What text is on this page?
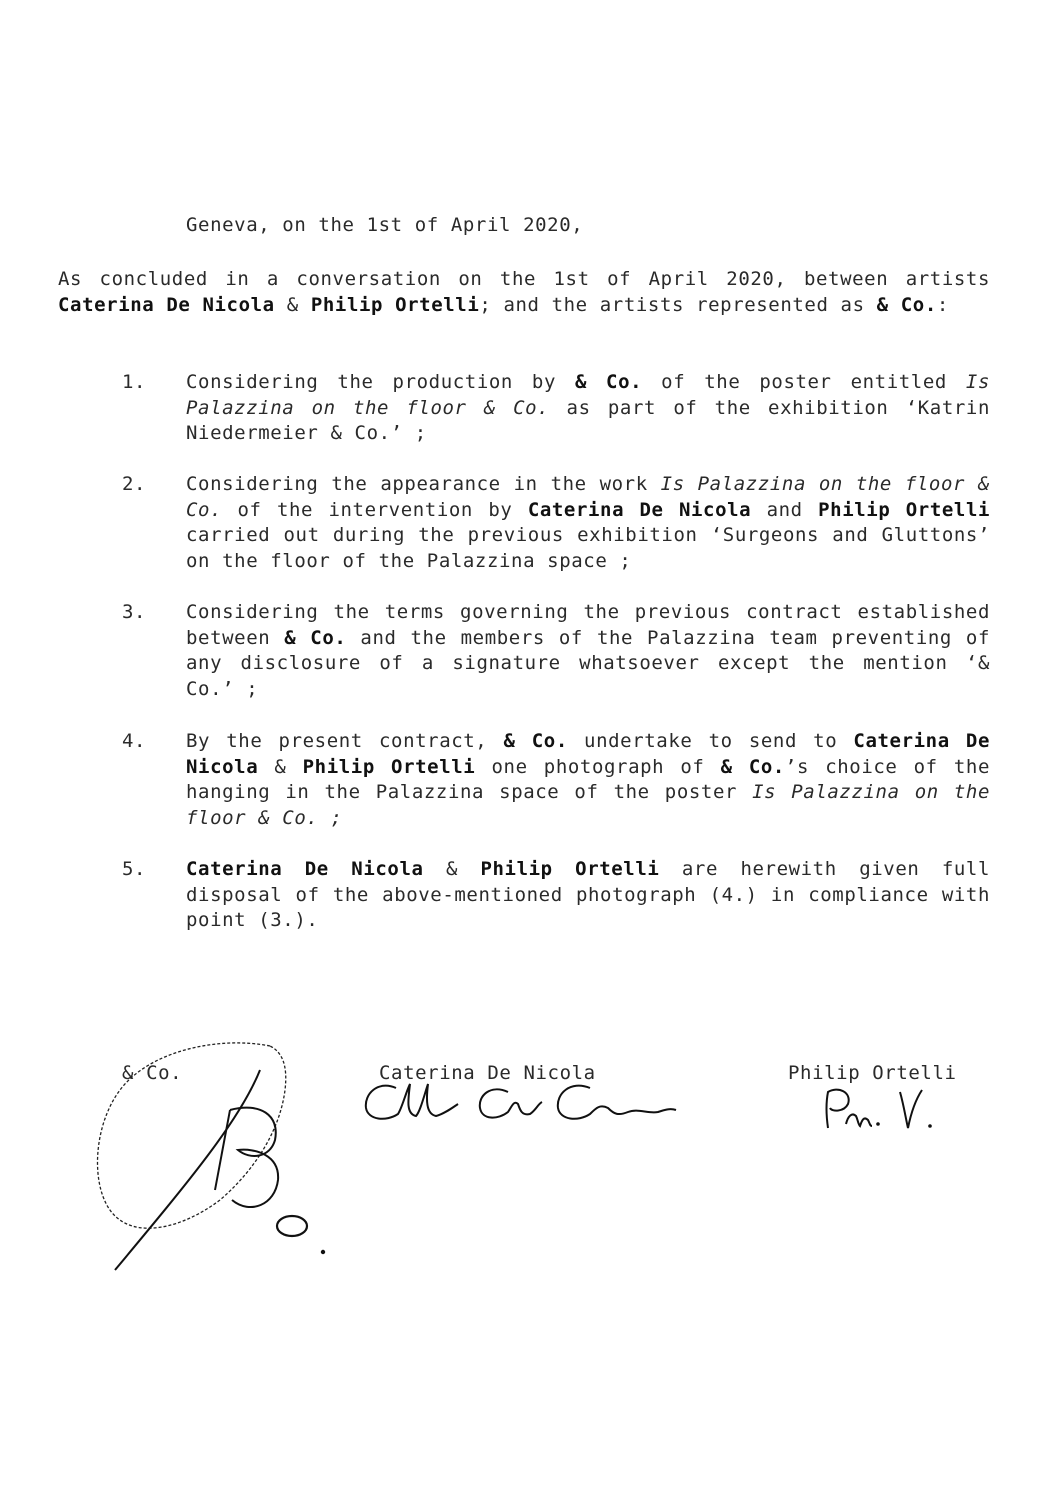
Geneva, on the 1st of April 2020,
As concluded in a conversation on the 1st of April 2020, between artists Caterina De Nicola & Philip Ortelli; and the artists represented as & Co.:
1. Considering the production by & Co. of the poster entitled Is Palazzina on the floor & Co. as part of the exhibition ‘Katrin Niedermeier & Co.’ ;
2. Considering the appearance in the work Is Palazzina on the floor & Co. of the intervention by Caterina De Nicola and Philip Ortelli carried out during the previous exhibition ‘Surgeons and Gluttons’ on the floor of the Palazzina space ;
3. Considering the terms governing the previous contract established between & Co. and the members of the Palazzina team preventing of any disclosure of a signature whatsoever except the mention ‘& Co.’ ;
4. By the present contract, & Co. undertake to send to Caterina De Nicola & Philip Ortelli one photograph of & Co.’s choice of the hanging in the Palazzina space of the poster Is Palazzina on the floor & Co. ;
5. Caterina De Nicola & Philip Ortelli are herewith given full disposal of the above-mentioned photograph (4.) in compliance with point (3.).
& Co.	Caterina De Nicola	Philip Ortelli
